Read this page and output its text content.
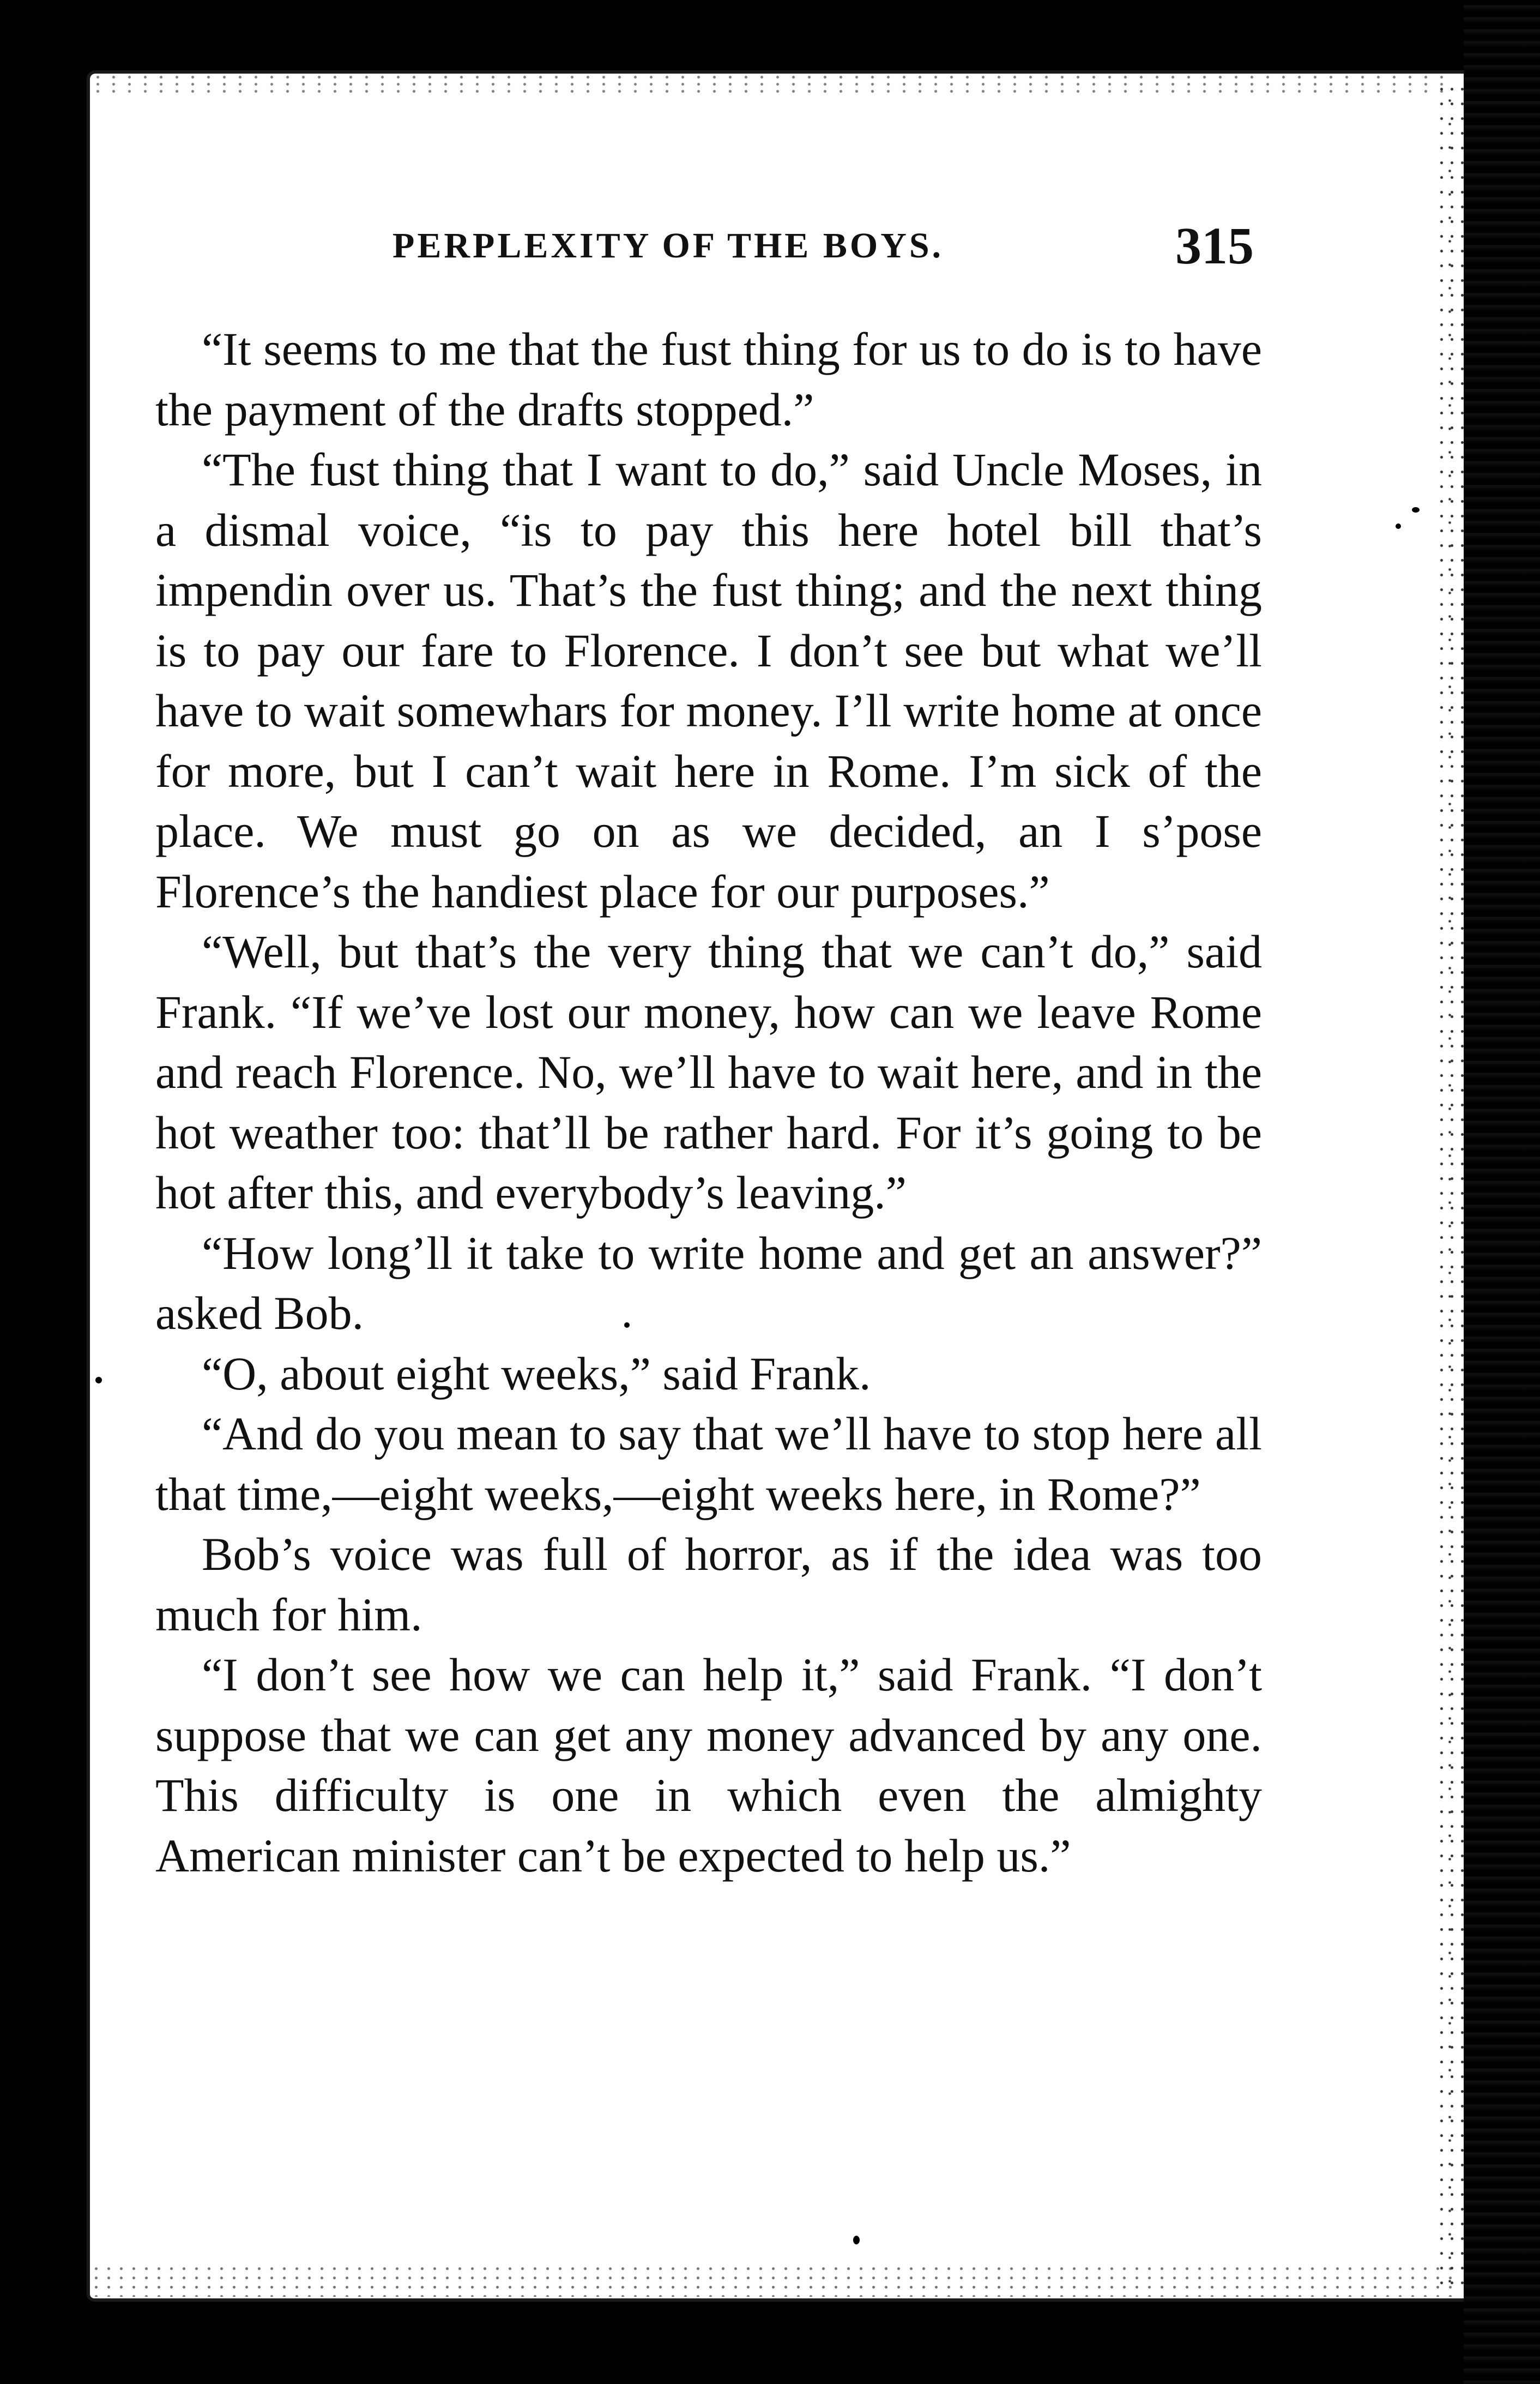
PERPLEXITY OF THE BOYS.	315

“It seems to me that the fust thing for us to do is to have the payment of the drafts stopped.”

“The fust thing that I want to do,” said Uncle Moses, in a dismal voice, “is to pay this here hotel bill that’s impendin over us. That’s the fust thing; and the next thing is to pay our fare to Florence. I don’t see but what we’ll have to wait somewhars for money. I’ll write home at once for more, but I can’t wait here in Rome. I’m sick of the place. We must go on as we decided, an I s’pose Florence’s the handiest place for our purposes.”

“Well, but that’s the very thing that we can’t do,” said Frank. “If we’ve lost our money, how can we leave Rome and reach Florence. No, we’ll have to wait here, and in the hot weather too: that’ll be rather hard. For it’s going to be hot after this, and everybody’s leaving.”

“How long’ll it take to write home and get an answer?” asked Bob.

“O, about eight weeks,” said Frank.

“And do you mean to say that we’ll have to stop here all that time,—eight weeks,—eight weeks here, in Rome?”

Bob’s voice was full of horror, as if the idea was too much for him.

“I don’t see how we can help it,” said Frank. “I don’t suppose that we can get any money advanced by any one. This difficulty is one in which even the almighty American minister can’t be expected to help us.”
